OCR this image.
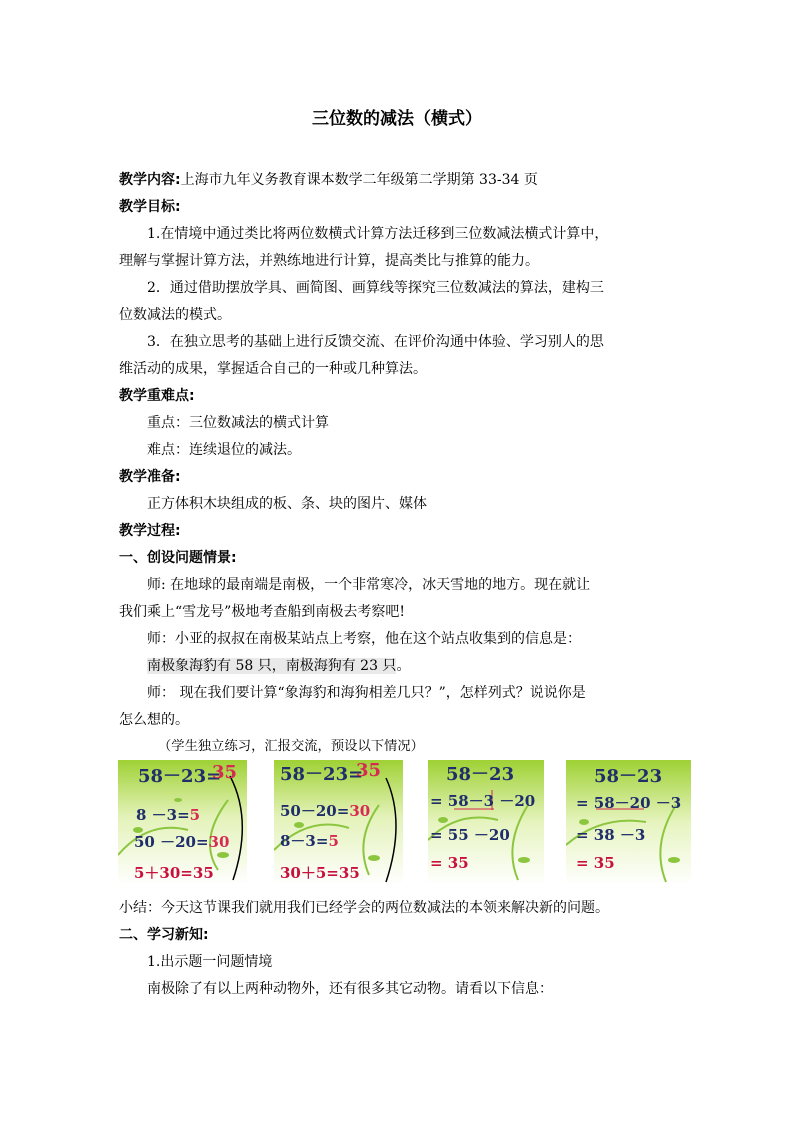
三位数的减法（横式）
教学内容:上海市九年义务教育课本数学二年级第二学期第 33-34 页
教学目标:
1.在情境中通过类比将两位数横式计算方法迁移到三位数减法横式计算中，
理解与掌握计算方法，并熟练地进行计算，提高类比与推算的能力。
2．通过借助摆放学具、画简图、画算线等探究三位数减法的算法，建构三
位数减法的模式。
3．在独立思考的基础上进行反馈交流、在评价沟通中体验、学习别人的思
维活动的成果，掌握适合自己的一种或几种算法。
教学重难点:
重点：三位数减法的横式计算
难点：连续退位的减法。
教学准备:
正方体积木块组成的板、条、块的图片、媒体
教学过程:
一、创设问题情景:
师: 在地球的最南端是南极，一个非常寒冷，冰天雪地的地方。现在就让
我们乘上“雪龙号”极地考查船到南极去考察吧!
师：小亚的叔叔在南极某站点上考察，他在这个站点收集到的信息是：
南极象海豹有 58 只，南极海狗有 23 只。
师： 现在我们要计算“象海豹和海狗相差几只？”，怎样列式？说说你是
怎么想的。
（学生独立练习，汇报交流，预设以下情况）
58－23=
35
8 －3=5
50 －20=30
5＋30=35
58－23=
35
50－20=30
8－3=5
30＋5=35
58－23
= 58－3 －20
= 55 －20
= 35
58－23
= 58－20 －3
= 38 －3
= 35
小结：今天这节课我们就用我们已经学会的两位数减法的本领来解决新的问题。
二、学习新知:
1.出示题一问题情境
南极除了有以上两种动物外，还有很多其它动物。请看以下信息：
